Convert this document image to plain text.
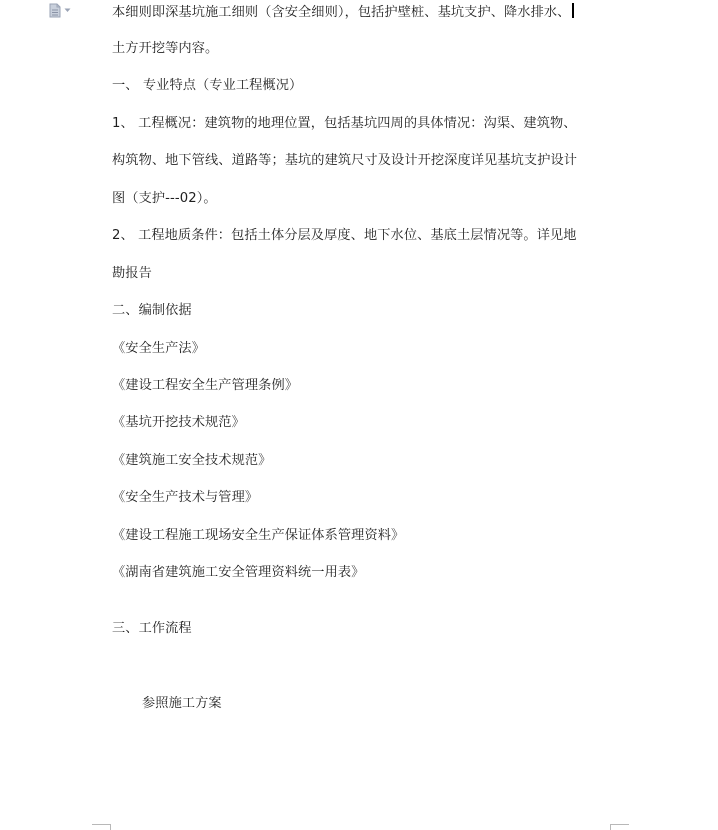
本细则即深基坑施工细则（含安全细则），包括护壁桩、基坑支护、降水排水、
土方开挖等内容。
一、 专业特点（专业工程概况）
1、 工程概况：建筑物的地理位置，包括基坑四周的具体情况：沟渠、建筑物、
构筑物、地下管线、道路等；基坑的建筑尺寸及设计开挖深度详见基坑支护设计
图（支护---02）。
2、 工程地质条件：包括土体分层及厚度、地下水位、基底土层情况等。详见地
勘报告
二、编制依据
《安全生产法》
《建设工程安全生产管理条例》
《基坑开挖技术规范》
《建筑施工安全技术规范》
《安全生产技术与管理》
《建设工程施工现场安全生产保证体系管理资料》
《湖南省建筑施工安全管理资料统一用表》
三、工作流程
参照施工方案
